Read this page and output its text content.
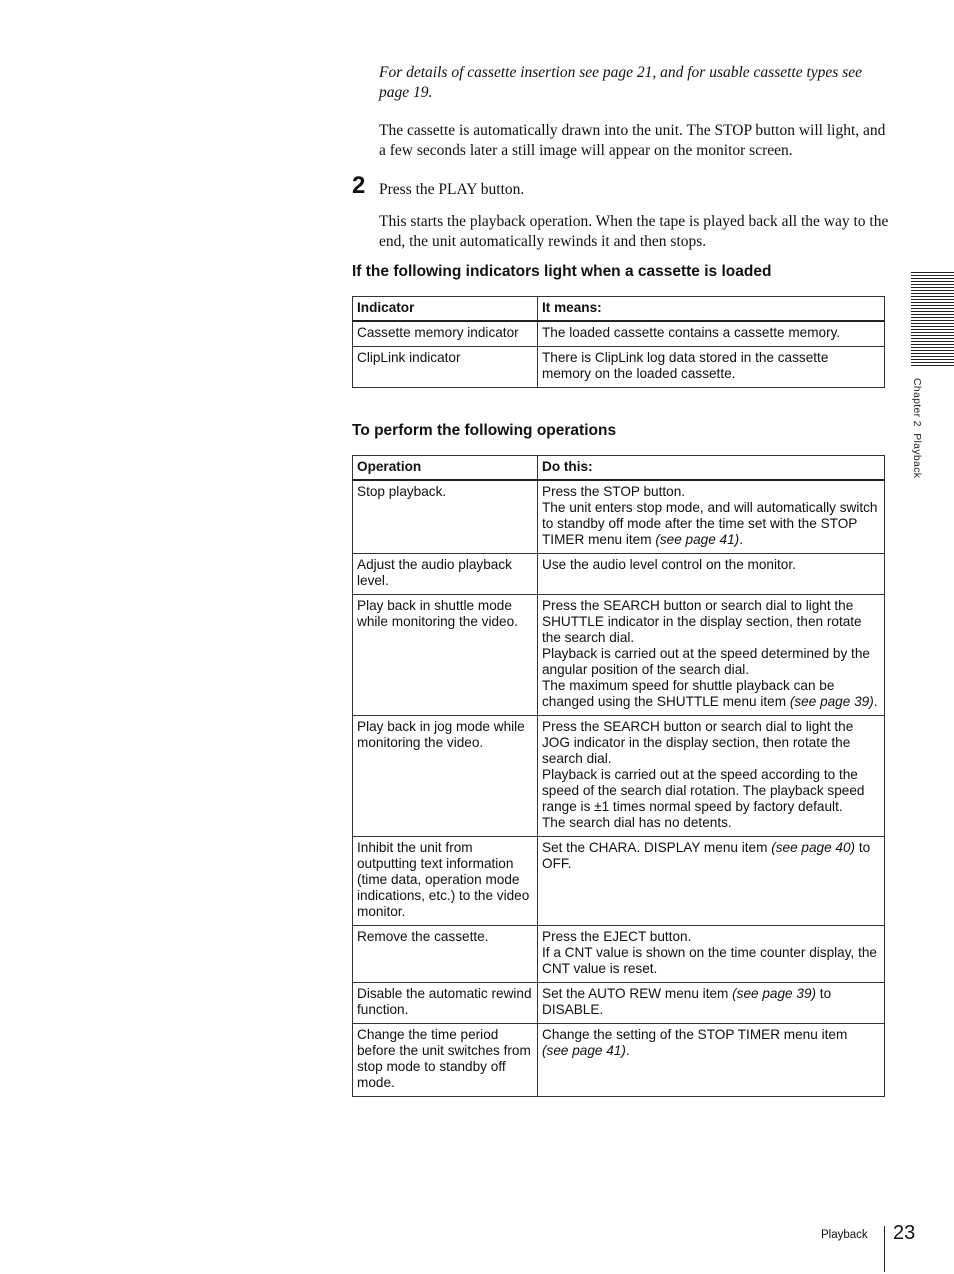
For details of cassette insertion see page 21, and for usable cassette types see page 19.
The cassette is automatically drawn into the unit. The STOP button will light, and a few seconds later a still image will appear on the monitor screen.
2 Press the PLAY button.
This starts the playback operation. When the tape is played back all the way to the end, the unit automatically rewinds it and then stops.
If the following indicators light when a cassette is loaded
Indicator	It means:
Cassette memory indicator	The loaded cassette contains a cassette memory.
ClipLink indicator	There is ClipLink log data stored in the cassette memory on the loaded cassette.
To perform the following operations
Operation	Do this:
Stop playback.	Press the STOP button.
The unit enters stop mode, and will automatically switch to standby off mode after the time set with the STOP TIMER menu item (see page 41).
Adjust the audio playback level.	Use the audio level control on the monitor.
Play back in shuttle mode while monitoring the video.	Press the SEARCH button or search dial to light the SHUTTLE indicator in the display section, then rotate the search dial.
Playback is carried out at the speed determined by the angular position of the search dial.
The maximum speed for shuttle playback can be changed using the SHUTTLE menu item (see page 39).
Play back in jog mode while monitoring the video.	Press the SEARCH button or search dial to light the JOG indicator in the display section, then rotate the search dial.
Playback is carried out at the speed according to the speed of the search dial rotation. The playback speed range is ±1 times normal speed by factory default.
The search dial has no detents.

Inhibit the unit from outputting text information (time data, operation mode indications, etc.) to the video monitor.	Set the CHARA. DISPLAY menu item (see page 40) to OFF.
Remove the cassette.	Press the EJECT button.
If a CNT value is shown on the time counter display, the CNT value is reset.

Disable the automatic rewind function.	Set the AUTO REW menu item (see page 39) to DISABLE.
Change the time period before the unit switches from stop mode to standby off mode.	Change the setting of the STOP TIMER menu item
(see page 41).
Chapter 2  Playback
Playback 23
